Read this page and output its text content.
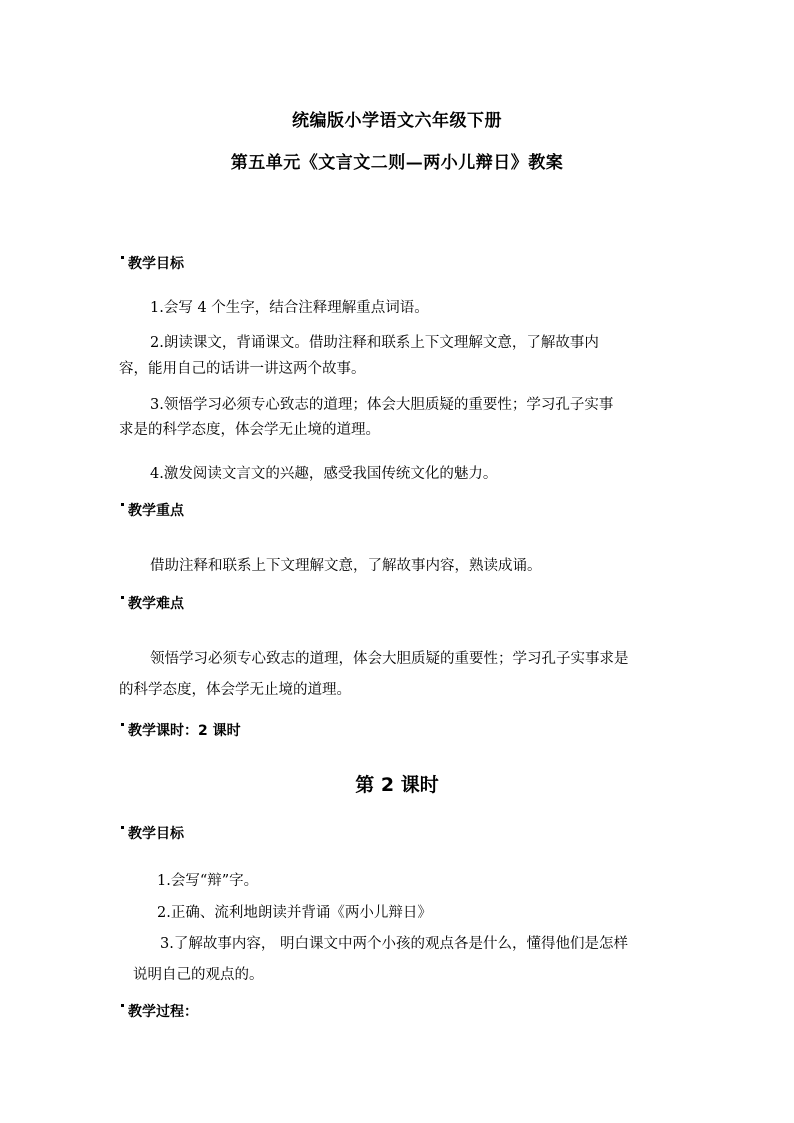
统编版小学语文六年级下册
第五单元《文言文二则—两小儿辩日》教案
教学目标
1.会写 4 个生字，结合注释理解重点词语。
2.朗读课文，背诵课文。借助注释和联系上下文理解文意，了解故事内
容，能用自己的话讲一讲这两个故事。
3.领悟学习必须专心致志的道理；体会大胆质疑的重要性；学习孔子实事
求是的科学态度，体会学无止境的道理。
4.激发阅读文言文的兴趣，感受我国传统文化的魅力。
教学重点
借助注释和联系上下文理解文意，了解故事内容，熟读成诵。
教学难点
领悟学习必须专心致志的道理，体会大胆质疑的重要性；学习孔子实事求是
的科学态度，体会学无止境的道理。
教学课时：2 课时
第 2 课时
教学目标
1.会写“辩”字。
2.正确、流利地朗读并背诵《两小儿辩日》
3.了解故事内容， 明白课文中两个小孩的观点各是什么，懂得他们是怎样
说明自己的观点的。
教学过程：
